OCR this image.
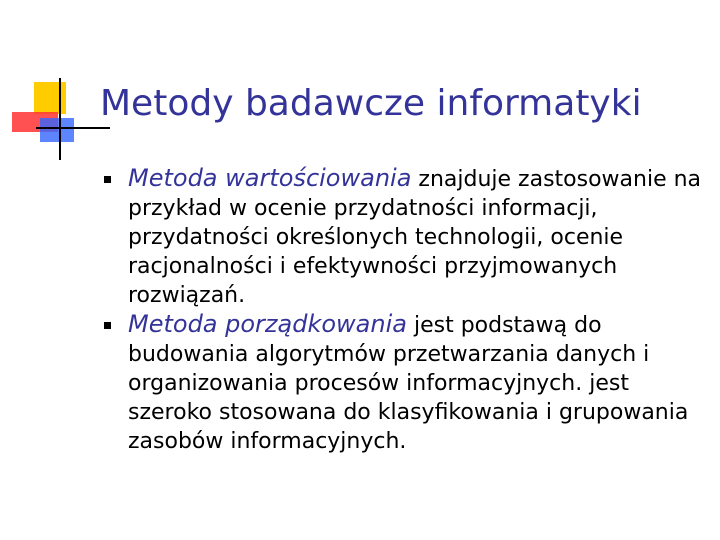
Metody badawcze informatyki
Metoda wartościowania znajduje zastosowanie na przykład w ocenie przydatności informacji, przydatności określonych technologii, ocenie racjonalności i efektywności przyjmowanych rozwiązań.
Metoda porządkowania jest podstawą do budowania algorytmów przetwarzania danych i organizowania procesów informacyjnych. jest szeroko stosowana do klasyfikowania i grupowania zasobów informacyjnych.
